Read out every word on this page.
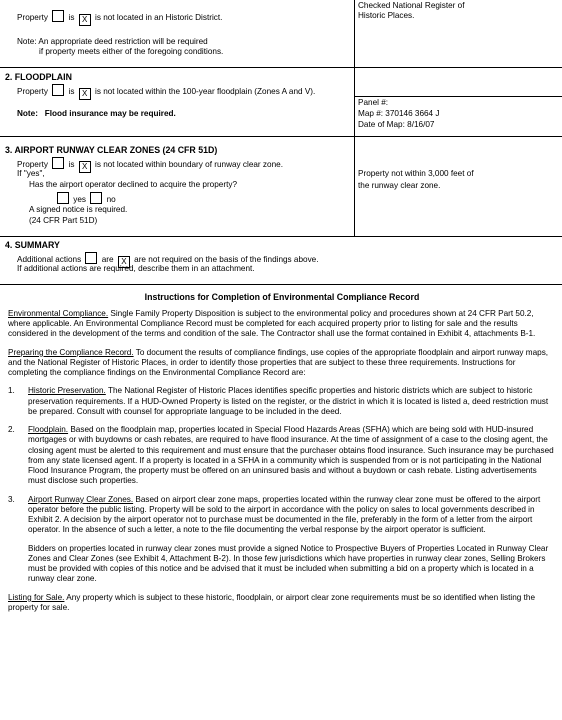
Property	is X is not located in an Historic District.
Note: An appropriate deed restriction will be required
if property meets either of the foregoing conditions.
Checked National Register of
Historic Places.
2. FLOODPLAIN
Property	is X is not located within the 100-year floodplain (Zones A and V).
Note: Flood insurance may be required.
Panel #:
Map #: 370146 3664 J
Date of Map: 8/16/07
3. AIRPORT RUNWAY CLEAR ZONES (24 CFR 51D)
Property	is X is not located within boundary of runway clear zone.
If "yes",
Has the airport operator declined to acquire the property?
yes	no
A signed notice is required.
(24 CFR Part 51D)
Property not within 3,000 feet of
the runway clear zone.
4. SUMMARY
Additional actions	are X are not required on the basis of the findings above.
If additional actions are required, describe them in an attachment.
Instructions for Completion of Environmental Compliance Record

Environmental Compliance. Single Family Property Disposition is subject to the environmental policy and procedures shown at 24 CFR Part 50.2, where applicable. An Environmental Compliance Record must be completed for each acquired property prior to listing for sale and the results considered in the development of the terms and condition of the sale. The Contractor shall use the format contained in Exhibit 4, attachments B-1.

Preparing the Compliance Record. To document the results of compliance findings, use copies of the appropriate floodplain and airport runway maps, and the National Register of Historic Places, in order to identify those properties that are subject to these three requirements. Instructions for completing the compliance findings on the Environmental Compliance Record are:

1. Historic Preservation. The National Register of Historic Places identifies specific properties and historic districts which are subject to historic preservation requirements. If a HUD-Owned Property is listed on the register, or the district in which it is located is listed a, deed restriction must be prepared. Consult with counsel for appropriate language to be included in the deed.
2. Floodplain. Based on the floodplain map, properties located in Special Flood Hazards Areas (SFHA) which are being sold with HUD-insured mortgages or with buydowns or cash rebates, are required to have flood insurance. At the time of assignment of a case to the closing agent, the closing agent must be alerted to this requirement and must ensure that the purchaser obtains flood insurance. Such insurance may be purchased from any state licensed agent. If a property is located in a SFHA in a community which is suspended from or is not participating in the National Flood Insurance Program, the property must be offered on an uninsured basis and without a buydown or cash rebate. Listing advertisements must disclose such properties.
3. Airport Runway Clear Zones. Based on airport clear zone maps, properties located within the runway clear zone must be offered to the airport operator before the public listing. Property will be sold to the airport in accordance with the policy on sales to local governments described in Exhibit 2. A decision by the airport operator not to purchase must be documented in the file, preferably in the form of a letter from the airport operator. In the absence of such a letter, a note to the file documenting the verbal response by the airport operator is sufficient.
Bidders on properties located in runway clear zones must provide a signed Notice to Prospective Buyers of Properties Located in Runway Clear Zones and Clear Zones (see Exhibit 4, Attachment B-2). In those few jurisdictions which have properties in runway clear zones, Selling Brokers must be provided with copies of this notice and be advised that it must be included when submitting a bid on a property which is located in a runway clear zone.

Listing for Sale. Any property which is subject to these historic, floodplain, or airport clear zone requirements must be so identified when listing the property for sale.
